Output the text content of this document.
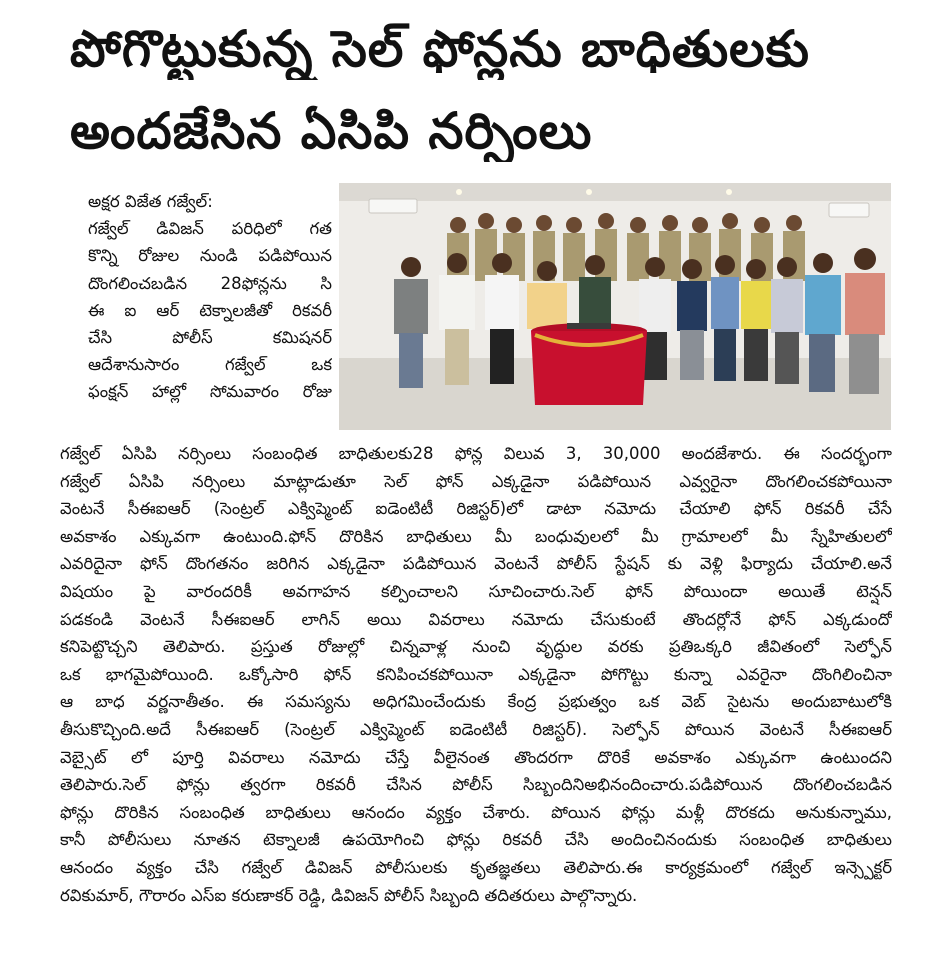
పోగొట్టుకున్న సెల్ ఫోన్లను బాధితులకు
అందజేసిన ఏసిపి నర్సింలు
అక్షర విజేత గజ్వేల్:
గజ్వేల్ డివిజన్ పరిధిలో గత
కొన్ని రోజుల నుండి పడిపోయిన
దొంగలించబడిన 28ఫోన్లను సి
ఈ ఐ ఆర్ టెక్నాలజీతో రికవరీ
చేసి పోలీస్ కమిషనర్
ఆదేశానుసారం గజ్వేల్ ఒక
ఫంక్షన్ హాల్లో సోమవారం రోజు
గజ్వేల్ ఏసిపి నర్సింలు సంబంధిత బాధితులకు28 ఫోన్ల విలువ 3, 30,000 అందజేశారు. ఈ సందర్భంగా
గజ్వేల్ ఏసిపి నర్సింలు మాట్లాడుతూ సెల్ ఫోన్ ఎక్కడైనా పడిపోయిన ఎవ్వరైనా దొంగలించకపోయినా
వెంటనే సీఈఐఆర్ (సెంట్రల్ ఎక్విప్మెంట్ ఐడెంటిటీ రిజిస్టర్)లో డాటా నమోదు చేయాలి ఫోన్ రికవరీ చేసే
అవకాశం ఎక్కువగా ఉంటుంది.ఫోన్ దొరికిన బాధితులు మీ బంధువులలో మీ గ్రామాలలో మీ స్నేహితులలో
ఎవరిదైనా ఫోన్ దొంగతనం జరిగిన ఎక్కడైనా పడిపోయిన వెంటనే పోలీస్ స్టేషన్ కు వెళ్లి ఫిర్యాదు చేయాలి.అనే
విషయం పై వారందరికీ అవగాహన కల్పించాలని సూచించారు.సెల్ ఫోన్ పోయిందా అయితే టెన్షన్
పడకండి వెంటనే సీఈఐఆర్ లాగిన్ అయి వివరాలు నమోదు చేసుకుంటే తొందర్లోనే ఫోన్ ఎక్కడుందో
కనిపెట్టొచ్చని తెలిపారు. ప్రస్తుత రోజుల్లో చిన్నవాళ్ల నుంచి వృద్ధుల వరకు ప్రతిఒక్కరి జీవితంలో సెల్ఫోన్
ఒక భాగమైపోయింది. ఒక్కోసారి ఫోన్ కనిపించకపోయినా ఎక్కడైనా పోగొట్టు కున్నా ఎవరైనా దొంగిలించినా
ఆ బాధ వర్ణనాతీతం. ఈ సమస్యను అధిగమించేందుకు కేంద్ర ప్రభుత్వం ఒక వెబ్ సైటను అందుబాటులోకి
తీసుకొచ్చింది.అదే సీఈఐఆర్ (సెంట్రల్ ఎక్విప్మెంట్ ఐడెంటిటీ రిజిస్టర్). సెల్ఫోన్ పోయిన వెంటనే సీఈఐఆర్
వెబ్సైట్ లో పూర్తి వివరాలు నమోదు చేస్తే వీలైనంత తొందరగా దొరికే అవకాశం ఎక్కువగా ఉంటుందని
తెలిపారు.సెల్ ఫోన్లు త్వరగా రికవరీ చేసిన పోలీస్ సిబ్బందినిఅభినందించారు.పడిపోయిన దొంగలించబడిన
ఫోన్లు దొరికిన సంబంధిత బాధితులు ఆనందం వ్యక్తం చేశారు. పోయిన ఫోన్లు మళ్లీ దొరకదు అనుకున్నాము,
కానీ పోలీసులు నూతన టెక్నాలజీ ఉపయోగించి ఫోన్లు రికవరీ చేసి అందించినందుకు సంబంధిత బాధితులు
ఆనందం వ్యక్తం చేసి గజ్వేల్ డివిజన్ పోలీసులకు కృతజ్ఞతలు తెలిపారు.ఈ కార్యక్రమంలో గజ్వేల్ ఇన్స్పెక్టర్
రవికుమార్, గౌరారం ఎస్ఐ కరుణాకర్ రెడ్డి, డివిజన్ పోలీస్ సిబ్బంది తదితరులు పాల్గొన్నారు.
